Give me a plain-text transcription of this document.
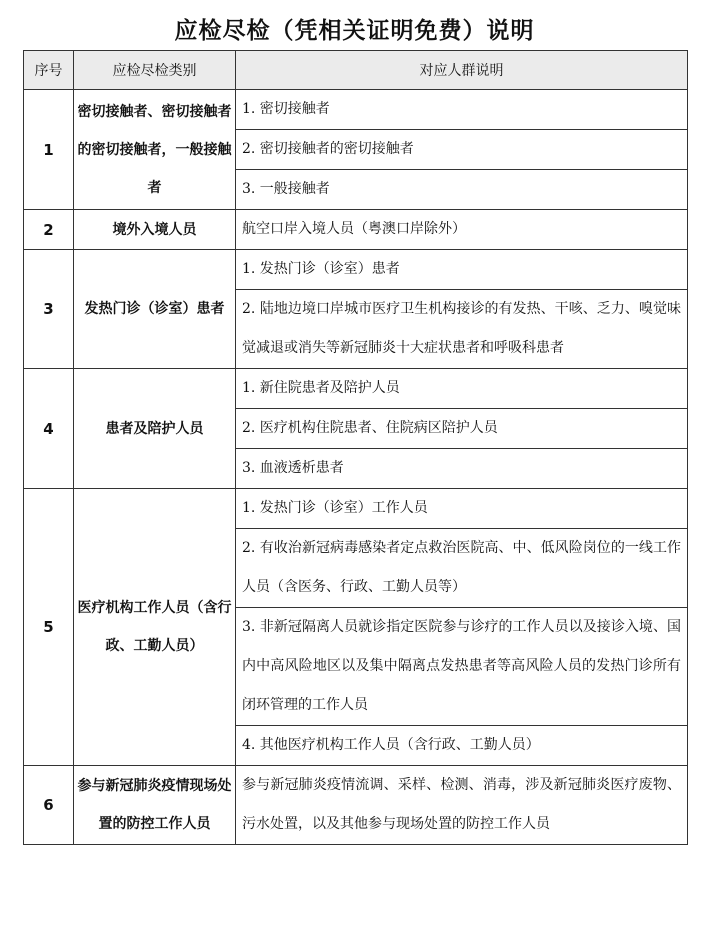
应检尽检（凭相关证明免费）说明
序号	应检尽检类别	对应人群说明
1	密切接触者、密切接触者的密切接触者，一般接触者	1. 密切接触者
2. 密切接触者的密切接触者
3. 一般接触者

2	境外入境人员	航空口岸入境人员（粤澳口岸除外）

3	发热门诊（诊室）患者	1. 发热门诊（诊室）患者
2. 陆地边境口岸城市医疗卫生机构接诊的有发热、干咳、乏力、嗅觉味觉减退或消失等新冠肺炎十大症状患者和呼吸科患者

4	患者及陪护人员	1. 新住院患者及陪护人员
2. 医疗机构住院患者、住院病区陪护人员
3. 血液透析患者

5	医疗机构工作人员（含行政、工勤人员）	1. 发热门诊（诊室）工作人员
2. 有收治新冠病毒感染者定点救治医院高、中、低风险岗位的一线工作人员（含医务、行政、工勤人员等）
3. 非新冠隔离人员就诊指定医院参与诊疗的工作人员以及接诊入境、国内中高风险地区以及集中隔离点发热患者等高风险人员的发热门诊所有闭环管理的工作人员
4. 其他医疗机构工作人员（含行政、工勤人员）

6	参与新冠肺炎疫情现场处置的防控工作人员	参与新冠肺炎疫情流调、采样、检测、消毒，涉及新冠肺炎医疗废物、污水处置，以及其他参与现场处置的防控工作人员
